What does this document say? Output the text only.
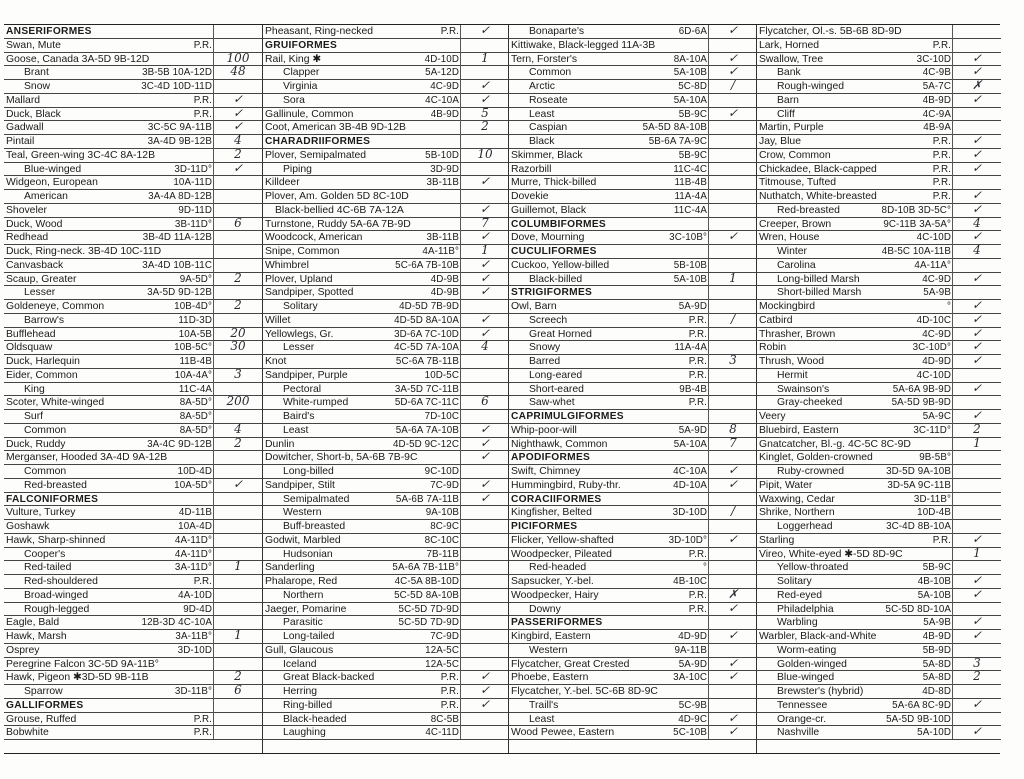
ANSERIFORMES
Swan, Mute	P.R.
Goose, Canada 3A-5D 9B-12D	100
Brant	3B-5B 10A-12D	48
Snow	3C-4D 10D-11D
Mallard	P.R.	✓
Duck, Black	P.R.	✓
Gadwall	3C-5C 9A-11B	✓
Pintail	3A-4D 9B-12B	4
Teal, Green-wing 3C-4C 8A-12B	2
Blue-winged	3D-11D°	✓
Widgeon, European	10A-11D
American	3A-4A 8D-12B
Shoveler	9D-11D
Duck, Wood	3B-11D°	6
Redhead	3B-4D 11A-12B
Duck, Ring-neck. 3B-4D 10C-11D
Canvasback	3A-4D 10B-11C
Scaup, Greater	9A-5D°	2
Lesser	3A-5D 9D-12B
Goldeneye, Common	10B-4D°	2
Barrow's	11D-3D
Bufflehead	10A-5B	20
Oldsquaw	10B-5C°	30
Duck, Harlequin	11B-4B
Eider, Common	10A-4A°	3
King	11C-4A
Scoter, White-winged	8A-5D°	200
Surf	8A-5D°
Common	8A-5D°	4
Duck, Ruddy	3A-4C 9D-12B	2
Merganser, Hooded 3A-4D 9A-12B
Common	10D-4D
Red-breasted	10A-5D°	✓
FALCONIFORMES
Vulture, Turkey	4D-11B
Goshawk	10A-4D
Hawk, Sharp-shinned	4A-11D°
Cooper's	4A-11D°
Red-tailed	3A-11D°	1
Red-shouldered	P.R.
Broad-winged	4A-10D
Rough-legged	9D-4D
Eagle, Bald	12B-3D 4C-10A
Hawk, Marsh	3A-11B°	1
Osprey	3D-10D
Peregrine Falcon 3C-5D 9A-11B°
Hawk, Pigeon ✱3D-5D 9B-11B	2
Sparrow	3D-11B°	6
GALLIFORMES
Grouse, Ruffed	P.R.
Bobwhite	P.R.
Pheasant, Ring-necked	P.R.	✓
GRUIFORMES
Rail, King ✱	4D-10D	1
Clapper	5A-12D
Virginia	4C-9D	✓
Sora	4C-10A	✓
Gallinule, Common	4B-9D	5
Coot, American 3B-4B 9D-12B	2
CHARADRIIFORMES
Plover, Semipalmated	5B-10D	10
Piping	3D-9D
Killdeer	3B-11B	✓
Plover, Am. Golden 5D 8C-10D
Black-bellied 4C-6B 7A-12A	✓
Turnstone, Ruddy 5A-6A 7B-9D	7
Woodcock, American	3B-11B	✓
Snipe, Common	4A-11B°	1
Whimbrel	5C-6A 7B-10B	✓
Plover, Upland	4D-9B	✓
Sandpiper, Spotted	4D-9B	✓
Solitary	4D-5D 7B-9D
Willet	4D-5D 8A-10A	✓
Yellowlegs, Gr.	3D-6A 7C-10D	✓
Lesser	4C-5D 7A-10A	4
Knot	5C-6A 7B-11B
Sandpiper, Purple	10D-5C
Pectoral	3A-5D 7C-11B
White-rumped	5D-6A 7C-11C	6
Baird's	7D-10C
Least	5A-6A 7A-10B	✓
Dunlin	4D-5D 9C-12C	✓
Dowitcher, Short-b, 5A-6B 7B-9C	✓
Long-billed	9C-10D
Sandpiper, Stilt	7C-9D	✓
Semipalmated	5A-6B 7A-11B	✓
Western	9A-10B
Buff-breasted	8C-9C
Godwit, Marbled	8C-10C
Hudsonian	7B-11B
Sanderling	5A-6A 7B-11B°
Phalarope, Red	4C-5A 8B-10D
Northern	5C-5D 8A-10B
Jaeger, Pomarine	5C-5D 7D-9D
Parasitic	5C-5D 7D-9D
Long-tailed	7C-9D
Gull, Glaucous	12A-5C
Iceland	12A-5C
Great Black-backed	P.R.	✓
Herring	P.R.	✓
Ring-billed	P.R.	✓
Black-headed	8C-5B
Laughing	4C-11D
Bonaparte's	6D-6A	✓
Kittiwake, Black-legged 11A-3B
Tern, Forster's	8A-10A	✓
Common	5A-10B	✓
Arctic	5C-8D	/
Roseate	5A-10A
Least	5B-9C	✓
Caspian	5A-5D 8A-10B
Black	5B-6A 7A-9C
Skimmer, Black	5B-9C
Razorbill	11C-4C
Murre, Thick-billed	11B-4B
Dovekie	11A-4A
Guillemot, Black	11C-4A
COLUMBIFORMES
Dove, Mourning	3C-10B°	✓
CUCULIFORMES
Cuckoo, Yellow-billed	5B-10B
Black-billed	5A-10B	1
STRIGIFORMES
Owl, Barn	5A-9D
Screech	P.R.	/
Great Horned	P.R.
Snowy	11A-4A
Barred	P.R.	3
Long-eared	P.R.
Short-eared	9B-4B
Saw-whet	P.R.
CAPRIMULGIFORMES
Whip-poor-will	5A-9D	8
Nighthawk, Common	5A-10A	7
APODIFORMES
Swift, Chimney	4C-10A	✓
Hummingbird, Ruby-thr.	4D-10A	✓
CORACIIFORMES
Kingfisher, Belted	3D-10D	/
PICIFORMES
Flicker, Yellow-shafted	3D-10D°	✓
Woodpecker, Pileated	P.R.
Red-headed	°
Sapsucker, Y.-bel.	4B-10C
Woodpecker, Hairy	P.R.	✗
Downy	P.R.	✓
PASSERIFORMES
Kingbird, Eastern	4D-9D	✓
Western	9A-11B
Flycatcher, Great Crested	5A-9D	✓
Phoebe, Eastern	3A-10C	✓
Flycatcher, Y.-bel. 5C-6B 8D-9C
Traill's	5C-9B
Least	4D-9C	✓
Wood Pewee, Eastern	5C-10B	✓
Flycatcher, Ol.-s. 5B-6B 8D-9D
Lark, Horned	P.R.
Swallow, Tree	3C-10D	✓
Bank	4C-9B	✓
Rough-winged	5A-7C	✗
Barn	4B-9D	✓
Cliff	4C-9A
Martin, Purple	4B-9A
Jay, Blue	P.R.	✓
Crow, Common	P.R.	✓
Chickadee, Black-capped	P.R.	✓
Titmouse, Tufted	P.R.
Nuthatch, White-breasted	P.R.	✓
Red-breasted	8D-10B 3D-5C°	✓
Creeper, Brown	9C-11B 3A-5A°	4
Wren, House	4C-10D	✓
Winter	4B-5C 10A-11B	4
Carolina	4A-11A°
Long-billed Marsh	4C-9D	✓
Short-billed Marsh	5A-9B
Mockingbird	°	✓
Catbird	4D-10C	✓
Thrasher, Brown	4C-9D	✓
Robin	3C-10D°	✓
Thrush, Wood	4D-9D	✓
Hermit	4C-10D
Swainson's	5A-6A 9B-9D	✓
Gray-cheeked	5A-5D 9B-9D
Veery	5A-9C	✓
Bluebird, Eastern	3C-11D°	2
Gnatcatcher, Bl.-g. 4C-5C 8C-9D	1
Kinglet, Golden-crowned	9B-5B°
Ruby-crowned	3D-5D 9A-10B
Pipit, Water	3D-5A 9C-11B
Waxwing, Cedar	3D-11B°
Shrike, Northern	10D-4B
Loggerhead	3C-4D 8B-10A
Starling	P.R.	✓
Vireo, White-eyed ✱-5D 8D-9C	1
Yellow-throated	5B-9C
Solitary	4B-10B	✓
Red-eyed	5A-10B	✓
Philadelphia	5C-5D 8D-10A
Warbling	5A-9B	✓
Warbler, Black-and-White	4B-9D	✓
Worm-eating	5B-9D
Golden-winged	5A-8D	3
Blue-winged	5A-8D	2
Brewster's (hybrid)	4D-8D
Tennessee	5A-6A 8C-9D	✓
Orange-cr.	5A-5D 9B-10D
Nashville	5A-10D	✓
